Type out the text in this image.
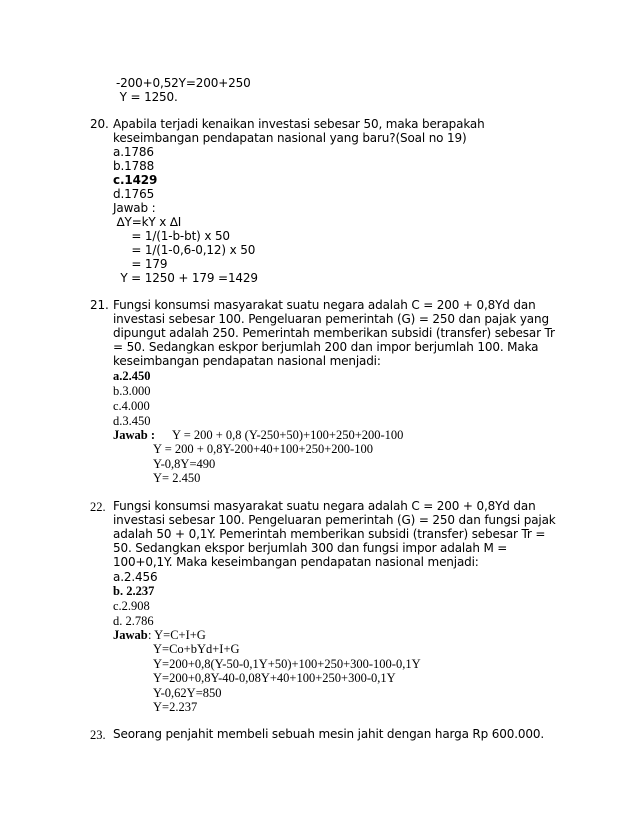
-200+0,52Y=200+250
Y = 1250.
20. Apabila terjadi kenaikan investasi sebesar 50, maka berapakah
keseimbangan pendapatan nasional yang baru?(Soal no 19)
a.1786
b.1788
c.1429
d.1765
Jawab :
∆Y=kY x ∆I
= 1/(1-b-bt) x 50
= 1/(1-0,6-0,12) x 50
= 179
Y = 1250 + 179 =1429
21. Fungsi konsumsi masyarakat suatu negara adalah C = 200 + 0,8Yd dan
investasi sebesar 100. Pengeluaran pemerintah (G) = 250 dan pajak yang
dipungut adalah 250. Pemerintah memberikan subsidi (transfer) sebesar Tr
= 50. Sedangkan eskpor berjumlah 200 dan impor berjumlah 100. Maka
keseimbangan pendapatan nasional menjadi:
a.2.450
b.3.000
c.4.000
d.3.450
Jawab : Y = 200 + 0,8 (Y-250+50)+100+250+200-100
Y = 200 + 0,8Y-200+40+100+250+200-100
Y-0,8Y=490
Y= 2.450
22. Fungsi konsumsi masyarakat suatu negara adalah C = 200 + 0,8Yd dan
investasi sebesar 100. Pengeluaran pemerintah (G) = 250 dan fungsi pajak
adalah 50 + 0,1Y. Pemerintah memberikan subsidi (transfer) sebesar Tr =
50. Sedangkan ekspor berjumlah 300 dan fungsi impor adalah M =
100+0,1Y. Maka keseimbangan pendapatan nasional menjadi:
a.2.456
b. 2.237
c.2.908
d. 2.786
Jawab : Y=C+I+G
Y=Co+bYd+I+G
Y=200+0,8(Y-50-0,1Y+50)+100+250+300-100-0,1Y
Y=200+0,8Y-40-0,08Y+40+100+250+300-0,1Y
Y-0,62Y=850
Y=2.237
23. Seorang penjahit membeli sebuah mesin jahit dengan harga Rp 600.000.
